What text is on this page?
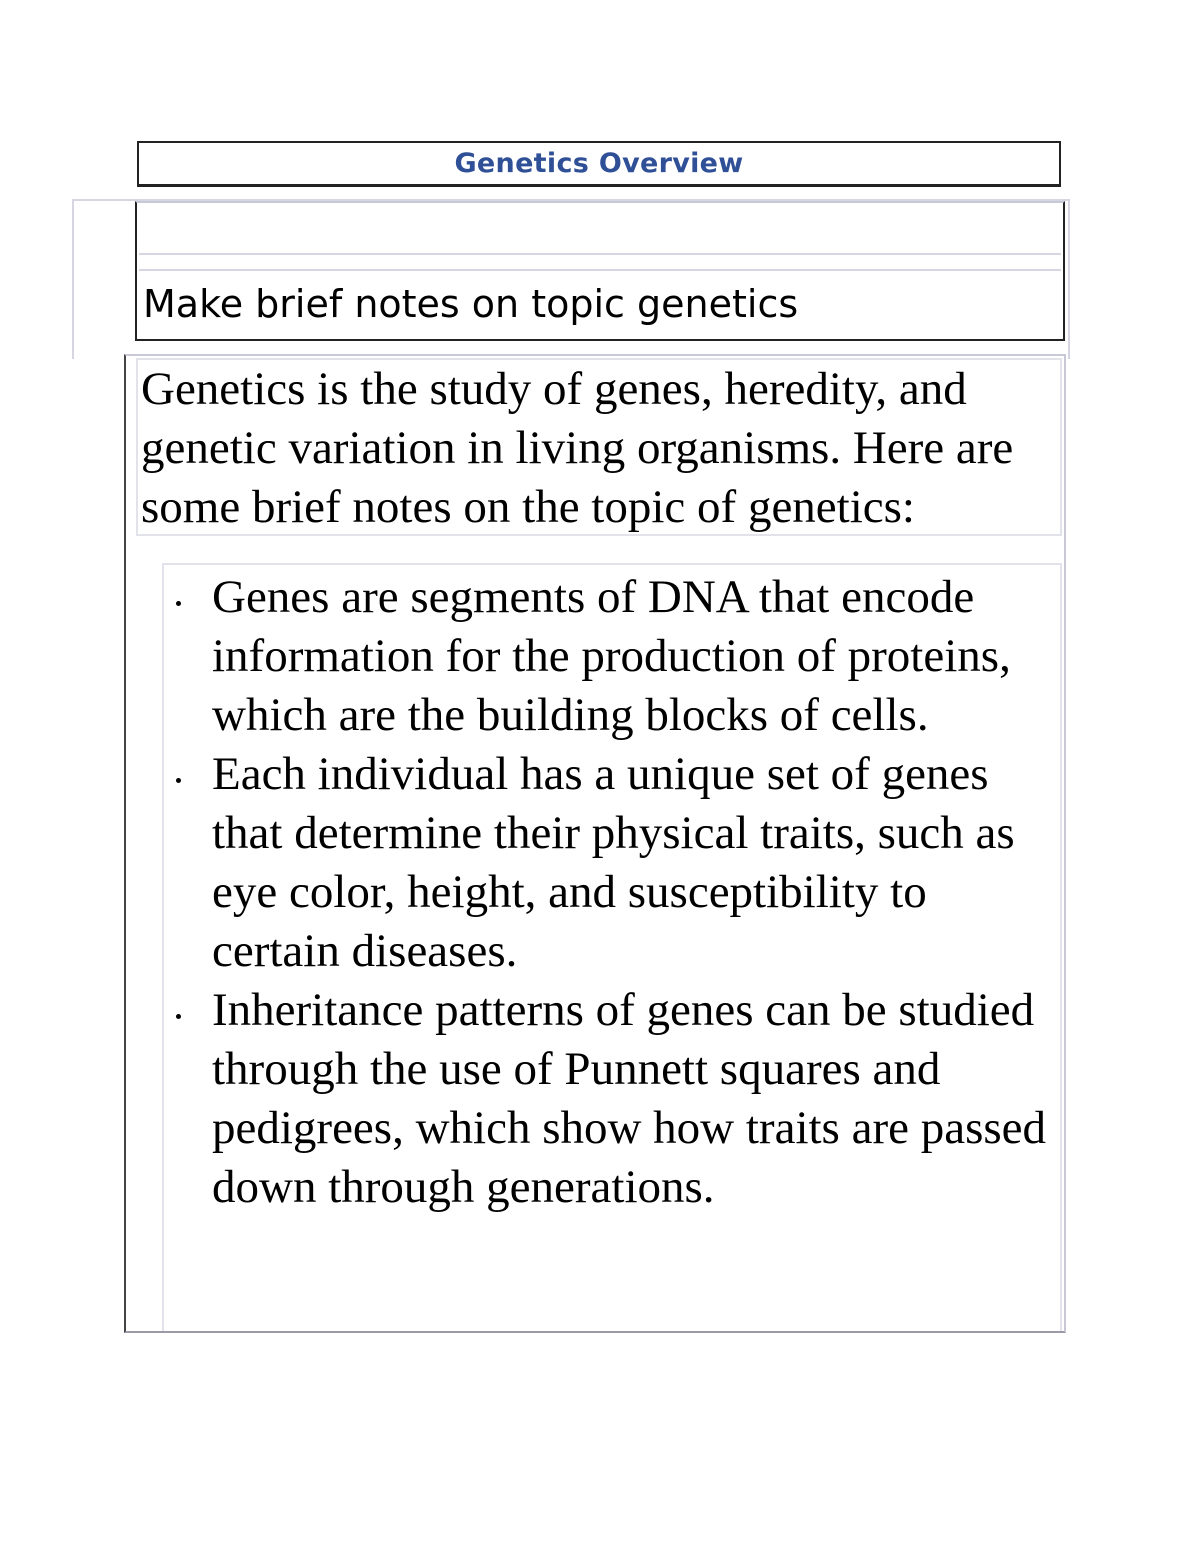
Genetics Overview
Make brief notes on topic genetics

Genetics is the study of genes, heredity, and genetic variation in living organisms. Here are some brief notes on the topic of genetics:

Genes are segments of DNA that encode information for the production of proteins, which are the building blocks of cells.
Each individual has a unique set of genes that determine their physical traits, such as eye color, height, and susceptibility to certain diseases.
Inheritance patterns of genes can be studied through the use of Punnett squares and pedigrees, which show how traits are passed down through generations.
